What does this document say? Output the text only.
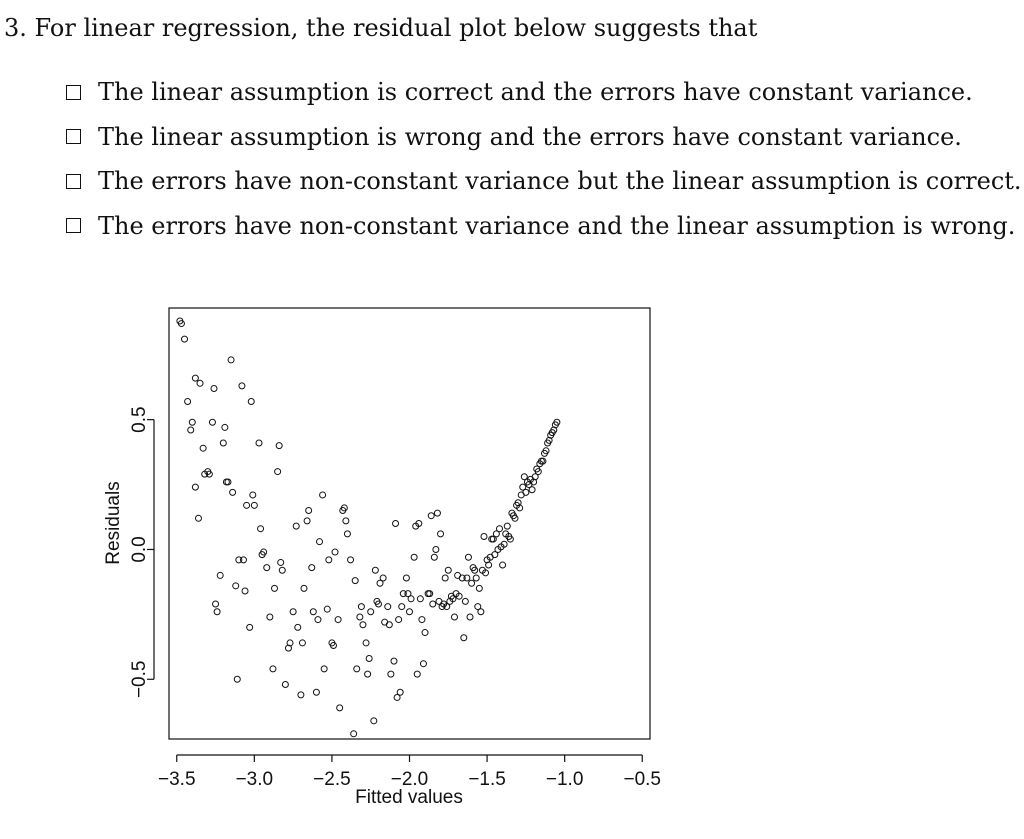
3. For linear regression, the residual plot below suggests that
The linear assumption is correct and the errors have constant variance.
The linear assumption is wrong and the errors have constant variance.
The errors have non-constant variance but the linear assumption is correct.
The errors have non-constant variance and the linear assumption is wrong.
−3.5 −3.0 −2.5 −2.0 −1.5 −1.0 −0.5
−0.5
0.0
0.5
Fitted values
Residuals
